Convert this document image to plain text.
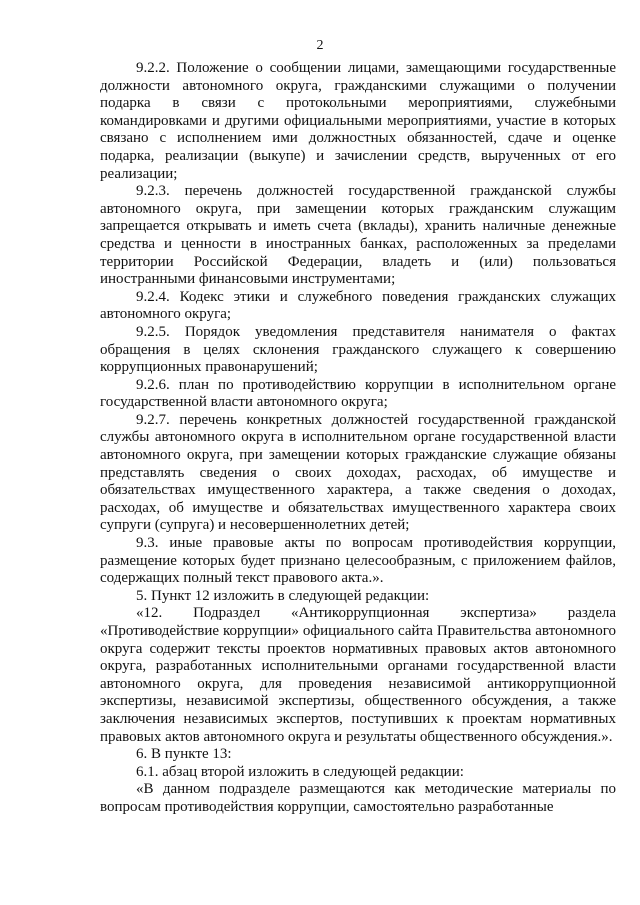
2

9.2.2. Положение о сообщении лицами, замещающими государственные должности автономного округа, гражданскими служащими о получении подарка в связи с протокольными мероприятиями, служебными командировками и другими официальными мероприятиями, участие в которых связано с исполнением ими должностных обязанностей, сдаче и оценке подарка, реализации (выкупе) и зачислении средств, вырученных от его реализации;

9.2.3. перечень должностей государственной гражданской службы автономного округа, при замещении которых гражданским служащим запрещается открывать и иметь счета (вклады), хранить наличные денежные средства и ценности в иностранных банках, расположенных за пределами территории Российской Федерации, владеть и (или) пользоваться иностранными финансовыми инструментами;

9.2.4. Кодекс этики и служебного поведения гражданских служащих автономного округа;

9.2.5. Порядок уведомления представителя нанимателя о фактах обращения в целях склонения гражданского служащего к совершению коррупционных правонарушений;

9.2.6. план по противодействию коррупции в исполнительном органе государственной власти автономного округа;

9.2.7. перечень конкретных должностей государственной гражданской службы автономного округа в исполнительном органе государственной власти автономного округа, при замещении которых гражданские служащие обязаны представлять сведения о своих доходах, расходах, об имуществе и обязательствах имущественного характера, а также сведения о доходах, расходах, об имуществе и обязательствах имущественного характера своих супруги (супруга) и несовершеннолетних детей;

9.3. иные правовые акты по вопросам противодействия коррупции, размещение которых будет признано целесообразным, с приложением файлов, содержащих полный текст правового акта.».

5. Пункт 12 изложить в следующей редакции:

«12. Подраздел «Антикоррупционная экспертиза» раздела «Противодействие коррупции» официального сайта Правительства автономного округа содержит тексты проектов нормативных правовых актов автономного округа, разработанных исполнительными органами государственной власти автономного округа, для проведения независимой антикоррупционной экспертизы, независимой экспертизы, общественного обсуждения, а также заключения независимых экспертов, поступивших к проектам нормативных правовых актов автономного округа и результаты общественного обсуждения.».

6. В пункте 13:

6.1. абзац второй изложить в следующей редакции:

«В данном подразделе размещаются как методические материалы по вопросам противодействия коррупции, самостоятельно разработанные
